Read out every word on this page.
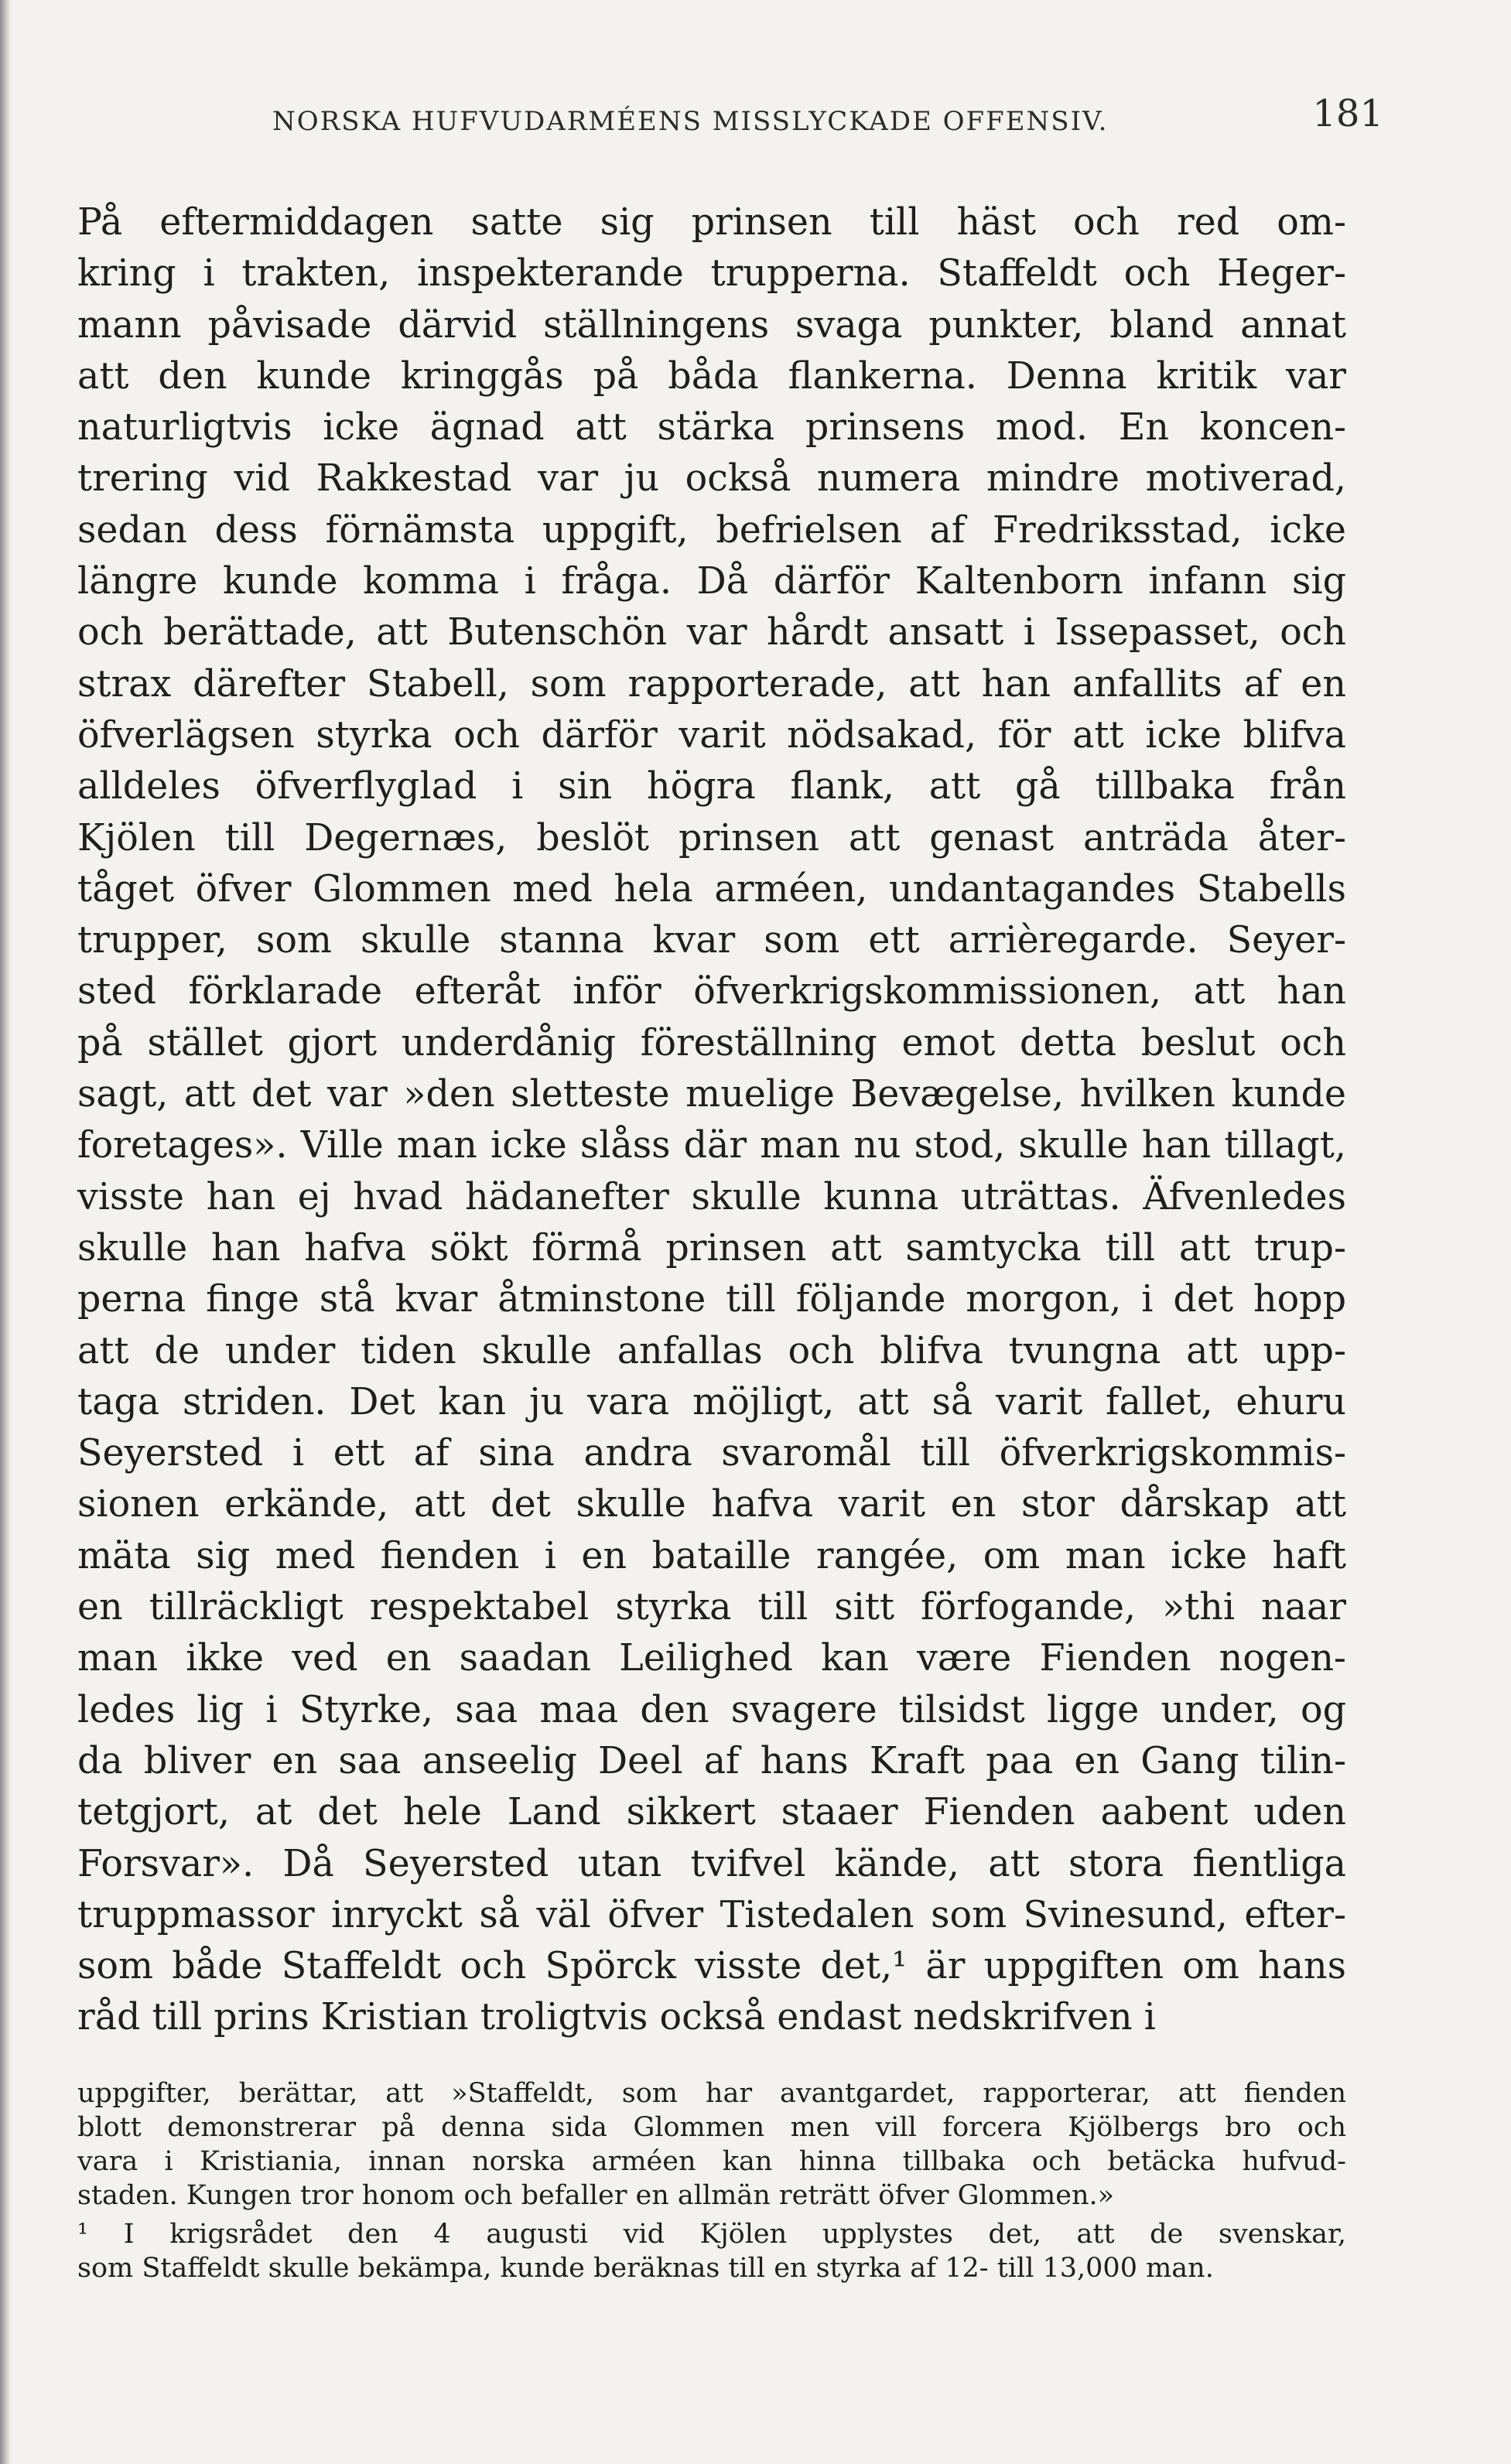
NORSKA HUFVUDARMÉENS MISSLYCKADE OFFENSIV.	181
På eftermiddagen satte sig prinsen till häst och red om-
kring i trakten, inspekterande trupperna. Staffeldt och Heger-
mann påvisade därvid ställningens svaga punkter, bland annat
att den kunde kringgås på båda flankerna. Denna kritik var
naturligtvis icke ägnad att stärka prinsens mod. En koncen-
trering vid Rakkestad var ju också numera mindre motiverad,
sedan dess förnämsta uppgift, befrielsen af Fredriksstad, icke
längre kunde komma i fråga. Då därför Kaltenborn infann sig
och berättade, att Butenschön var hårdt ansatt i Issepasset, och
strax därefter Stabell, som rapporterade, att han anfallits af en
öfverlägsen styrka och därför varit nödsakad, för att icke blifva
alldeles öfverflyglad i sin högra flank, att gå tillbaka från
Kjölen till Degernæs, beslöt prinsen att genast anträda åter-
tåget öfver Glommen med hela arméen, undantagandes Stabells
trupper, som skulle stanna kvar som ett arrièregarde. Seyer-
sted förklarade efteråt inför öfverkrigskommissionen, att han
på stället gjort underdånig föreställning emot detta beslut och
sagt, att det var »den sletteste muelige Bevægelse, hvilken kunde
foretages». Ville man icke slåss där man nu stod, skulle han tillagt,
visste han ej hvad hädanefter skulle kunna uträttas. Äfvenledes
skulle han hafva sökt förmå prinsen att samtycka till att trup-
perna finge stå kvar åtminstone till följande morgon, i det hopp
att de under tiden skulle anfallas och blifva tvungna att upp-
taga striden. Det kan ju vara möjligt, att så varit fallet, ehuru
Seyersted i ett af sina andra svaromål till öfverkrigskommis-
sionen erkände, att det skulle hafva varit en stor dårskap att
mäta sig med fienden i en bataille rangée, om man icke haft
en tillräckligt respektabel styrka till sitt förfogande, »thi naar
man ikke ved en saadan Leilighed kan være Fienden nogen-
ledes lig i Styrke, saa maa den svagere tilsidst ligge under, og
da bliver en saa anseelig Deel af hans Kraft paa en Gang tilin-
tetgjort, at det hele Land sikkert staaer Fienden aabent uden
Forsvar». Då Seyersted utan tvifvel kände, att stora fientliga
truppmassor inryckt så väl öfver Tistedalen som Svinesund, efter-
som både Staffeldt och Spörck visste det,¹ är uppgiften om hans
råd till prins Kristian troligtvis också endast nedskrifven i
uppgifter, berättar, att »Staffeldt, som har avantgardet, rapporterar, att fienden
blott demonstrerar på denna sida Glommen men vill forcera Kjölbergs bro och
vara i Kristiania, innan norska arméen kan hinna tillbaka och betäcka hufvud-
staden. Kungen tror honom och befaller en allmän reträtt öfver Glommen.»
¹ I krigsrådet den 4 augusti vid Kjölen upplystes det, att de svenskar,
som Staffeldt skulle bekämpa, kunde beräknas till en styrka af 12- till 13,000 man.
